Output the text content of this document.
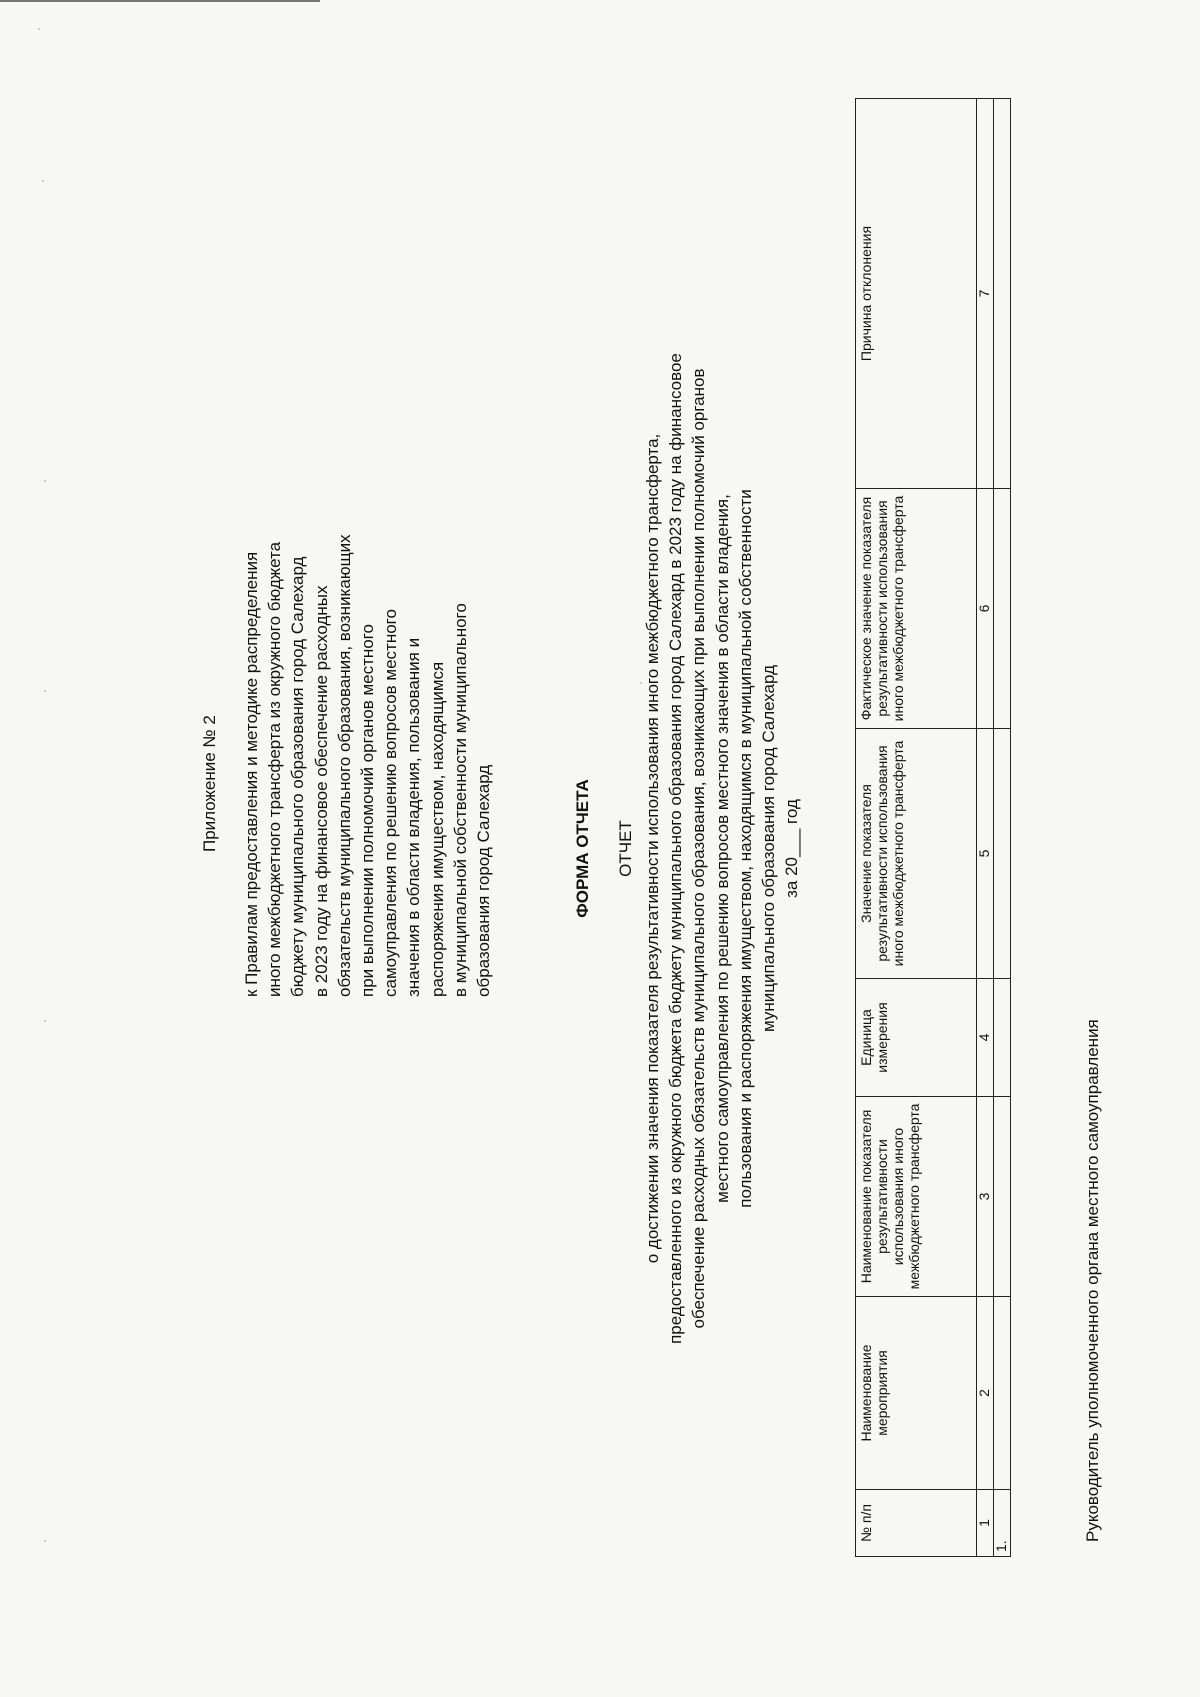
Приложение № 2 к Правилам предоставления и методике распределения иного межбюджетного трансферта из окружного бюджета бюджету муниципального образования город Салехард в 2023 году на финансовое обеспечение расходных обязательств муниципального образования, возникающих при выполнении полномочий органов местного самоуправления по решению вопросов местного значения в области владения, пользования и распоряжения имуществом, находящимся в муниципальной собственности муниципального образования город Салехард	ФОРМА ОТЧЕТА ОТЧЕТ о достижении значения показателя результативности использования иного межбюджетного трансферта, предоставленного из окружного бюджета бюджету муниципального образования город Салехард в 2023 году на финансовое обеспечение расходных обязательств муниципального образования, возникающих при выполнении полномочий органов местного самоуправления по решению вопросов местного значения в области владения, пользования и распоряжения имуществом, находящимся в муниципальной собственности муниципального образования город Салехард за 20___ год
№ п/п	Наименование мероприятия	Наименование показателя результативности использования иного межбюджетного трансферта	Единица измерения	Значение показателя результативности использования иного межбюджетного трансферта	Фактическое значение показателя результативности использования иного межбюджетного трансферта	Причина отклонения
1	2	3	4	5	6	7
1.						
Руководитель уполномоченного органа местного самоуправления
